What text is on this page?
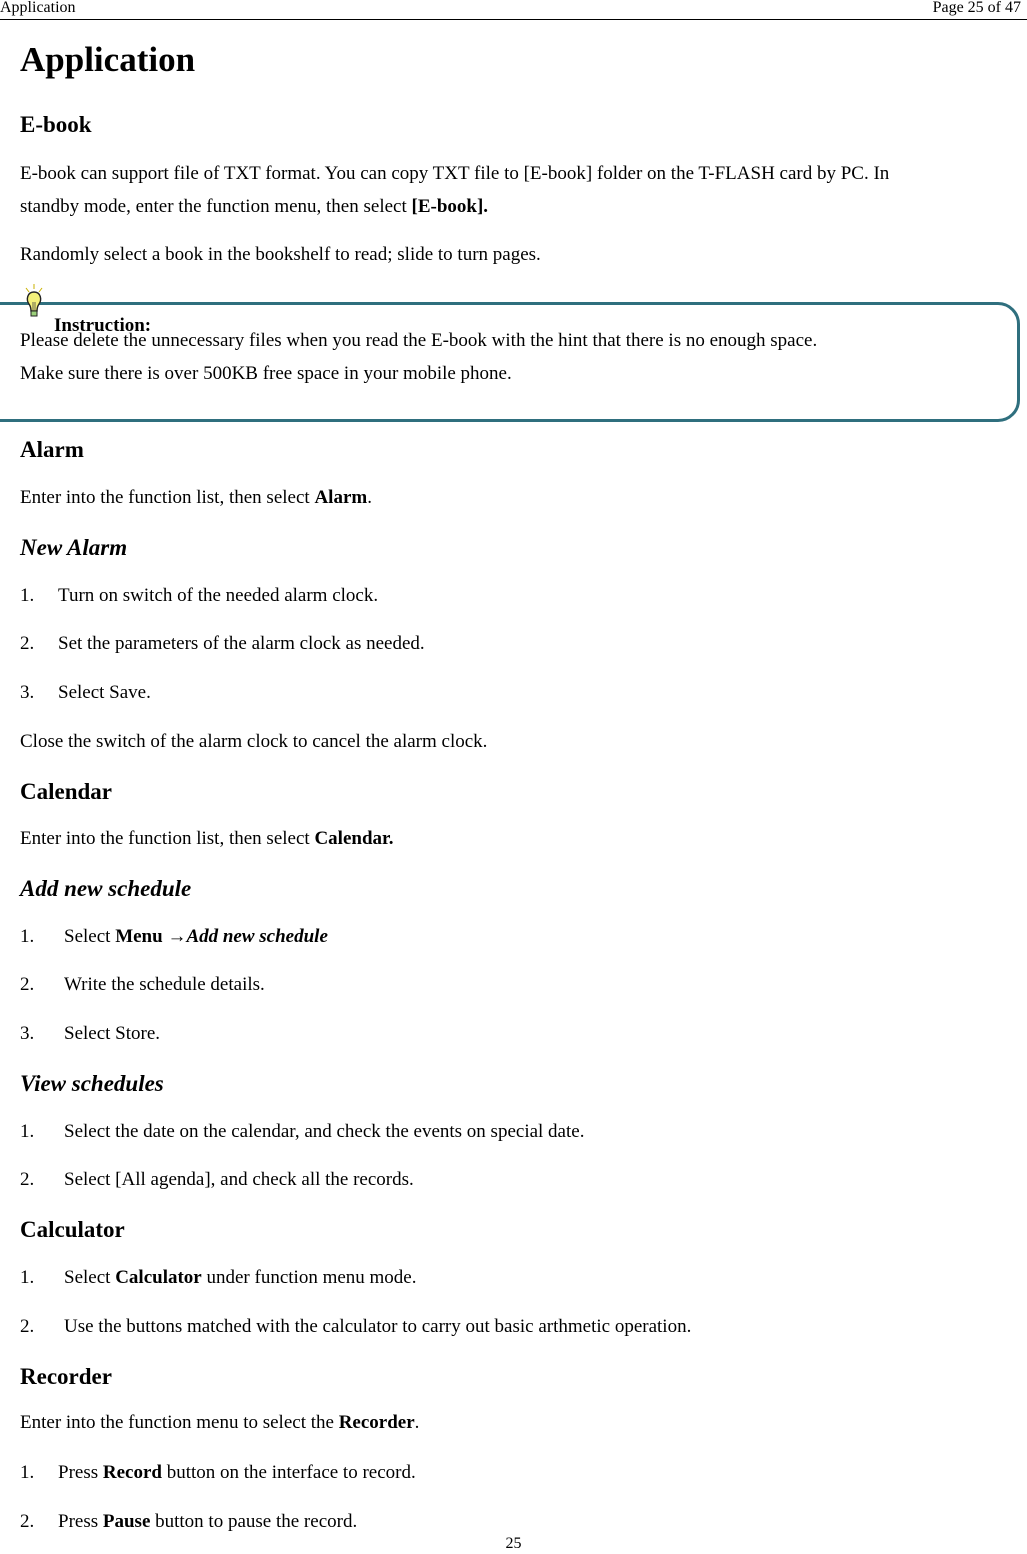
Application	Page 25 of 47
Application
E-book
E-book can support file of TXT format. You can copy TXT file to [E-book] folder on the T-FLASH card by PC. In
standby mode, enter the function menu, then select [E-book].
Randomly select a book in the bookshelf to read; slide to turn pages.
Instruction:
Please delete the unnecessary files when you read the E-book with the hint that there is no enough space.
Make sure there is over 500KB free space in your mobile phone.
Alarm
Enter into the function list, then select Alarm.
New Alarm
1. Turn on switch of the needed alarm clock.
2. Set the parameters of the alarm clock as needed.
3. Select Save.
Close the switch of the alarm clock to cancel the alarm clock.
Calendar
Enter into the function list, then select Calendar.
Add new schedule
1. Select Menu →Add new schedule
2. Write the schedule details.
3. Select Store.
View schedules
1. Select the date on the calendar, and check the events on special date.
2. Select [All agenda], and check all the records.
Calculator
1. Select Calculator under function menu mode.
2. Use the buttons matched with the calculator to carry out basic arthmetic operation.
Recorder
Enter into the function menu to select the Recorder.
1. Press Record button on the interface to record.
2. Press Pause button to pause the record.
25
